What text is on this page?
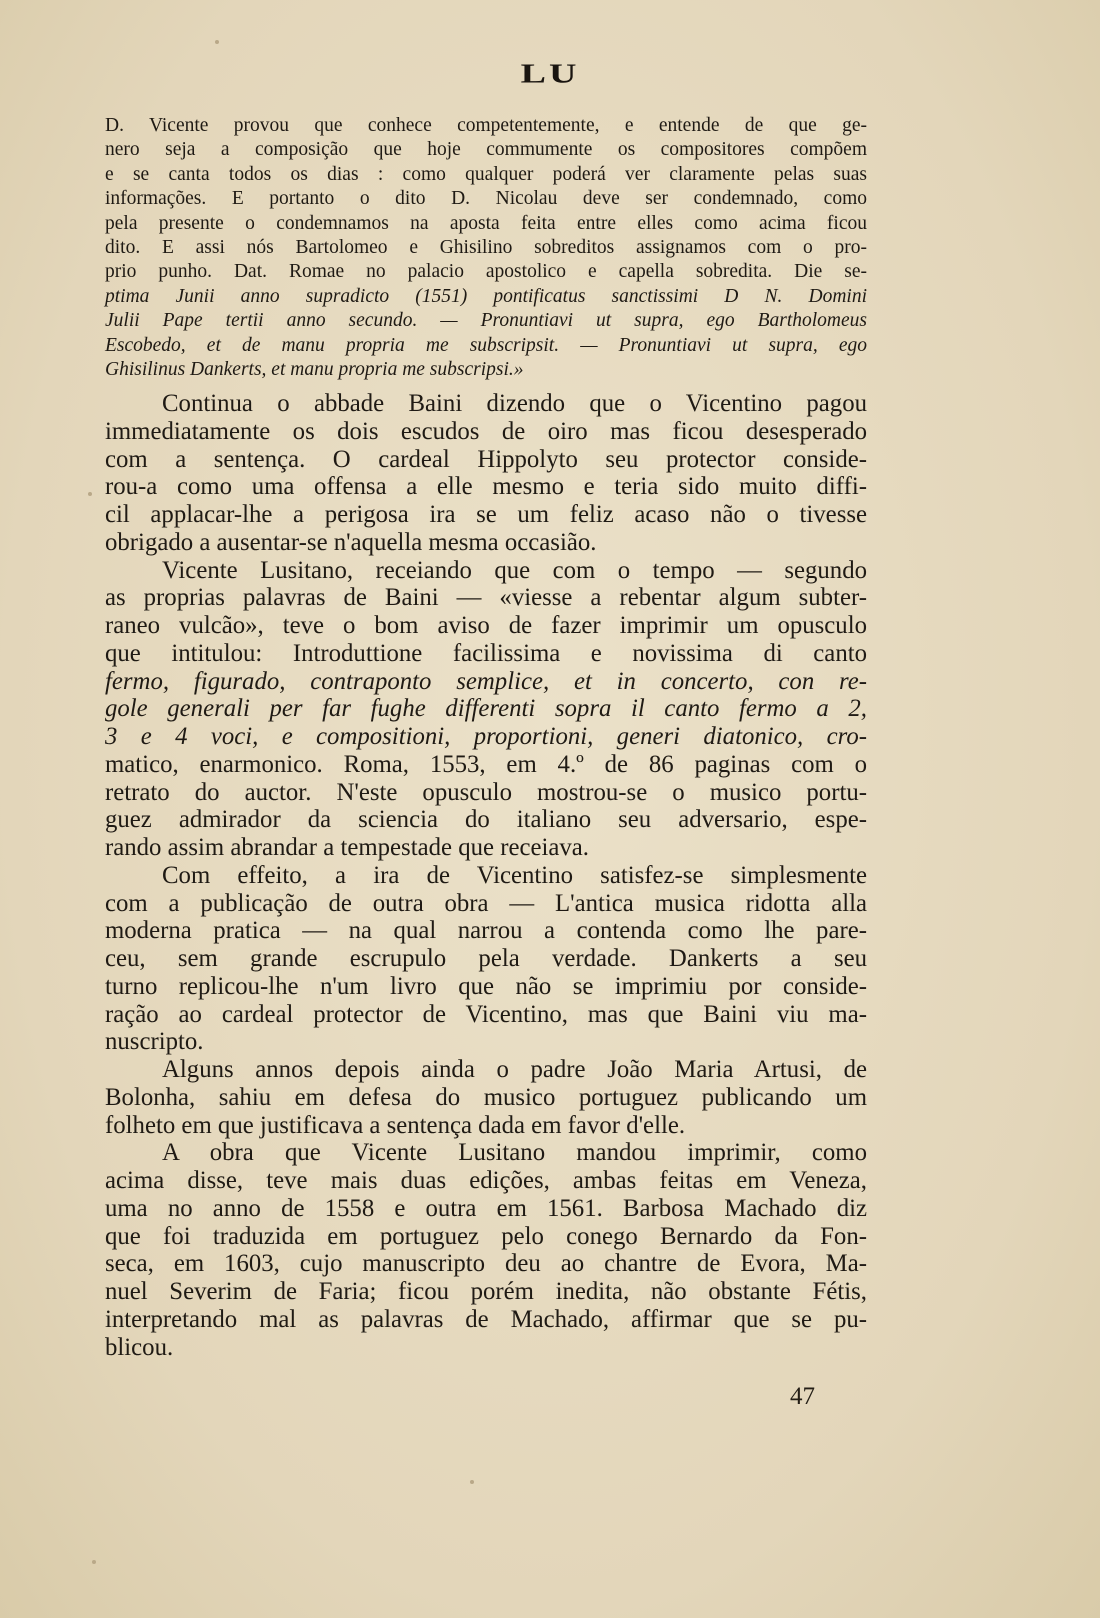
LU
D. Vicente provou que conhece competentemente, e entende de que ge-
nero seja a composição que hoje commumente os compositores compõem
e se canta todos os dias : como qualquer poderá ver claramente pelas suas
informações. E portanto o dito D. Nicolau deve ser condemnado, como
pela presente o condemnamos na aposta feita entre elles como acima ficou
dito. E assi nós Bartolomeo e Ghisilino sobreditos assignamos com o pro-
prio punho. Dat. Romae no palacio apostolico e capella sobredita. Die se-
ptima Junii anno supradicto (1551) pontificatus sanctissimi D N. Domini
Julii Pape tertii anno secundo. — Pronuntiavi ut supra, ego Bartholomeus
Escobedo, et de manu propria me subscripsit. — Pronuntiavi ut supra, ego
Ghisilinus Dankerts, et manu propria me subscripsi.»
Continua o abbade Baini dizendo que o Vicentino pagou
immediatamente os dois escudos de oiro mas ficou desesperado
com a sentença. O cardeal Hippolyto seu protector conside-
rou-a como uma offensa a elle mesmo e teria sido muito diffi-
cil applacar-lhe a perigosa ira se um feliz acaso não o tivesse
obrigado a ausentar-se n'aquella mesma occasião.
Vicente Lusitano, receiando que com o tempo — segundo
as proprias palavras de Baini — «viesse a rebentar algum subter-
raneo vulcão», teve o bom aviso de fazer imprimir um opusculo
que intitulou: Introduttione facilissima e novissima di canto
fermo, figurado, contraponto semplice, et in concerto, con re-
gole generali per far fughe differenti sopra il canto fermo a 2,
3 e 4 voci, e compositioni, proportioni, generi diatonico, cro-
matico, enarmonico. Roma, 1553, em 4.º de 86 paginas com o
retrato do auctor. N'este opusculo mostrou-se o musico portu-
guez admirador da sciencia do italiano seu adversario, espe-
rando assim abrandar a tempestade que receiava.
Com effeito, a ira de Vicentino satisfez-se simplesmente
com a publicação de outra obra — L'antica musica ridotta alla
moderna pratica — na qual narrou a contenda como lhe pare-
ceu, sem grande escrupulo pela verdade. Dankerts a seu
turno replicou-lhe n'um livro que não se imprimiu por conside-
ração ao cardeal protector de Vicentino, mas que Baini viu ma-
nuscripto.
Alguns annos depois ainda o padre João Maria Artusi, de
Bolonha, sahiu em defesa do musico portuguez publicando um
folheto em que justificava a sentença dada em favor d'elle.
A obra que Vicente Lusitano mandou imprimir, como
acima disse, teve mais duas edições, ambas feitas em Veneza,
uma no anno de 1558 e outra em 1561. Barbosa Machado diz
que foi traduzida em portuguez pelo conego Bernardo da Fon-
seca, em 1603, cujo manuscripto deu ao chantre de Evora, Ma-
nuel Severim de Faria; ficou porém inedita, não obstante Fétis,
interpretando mal as palavras de Machado, affirmar que se pu-
blicou.
47
